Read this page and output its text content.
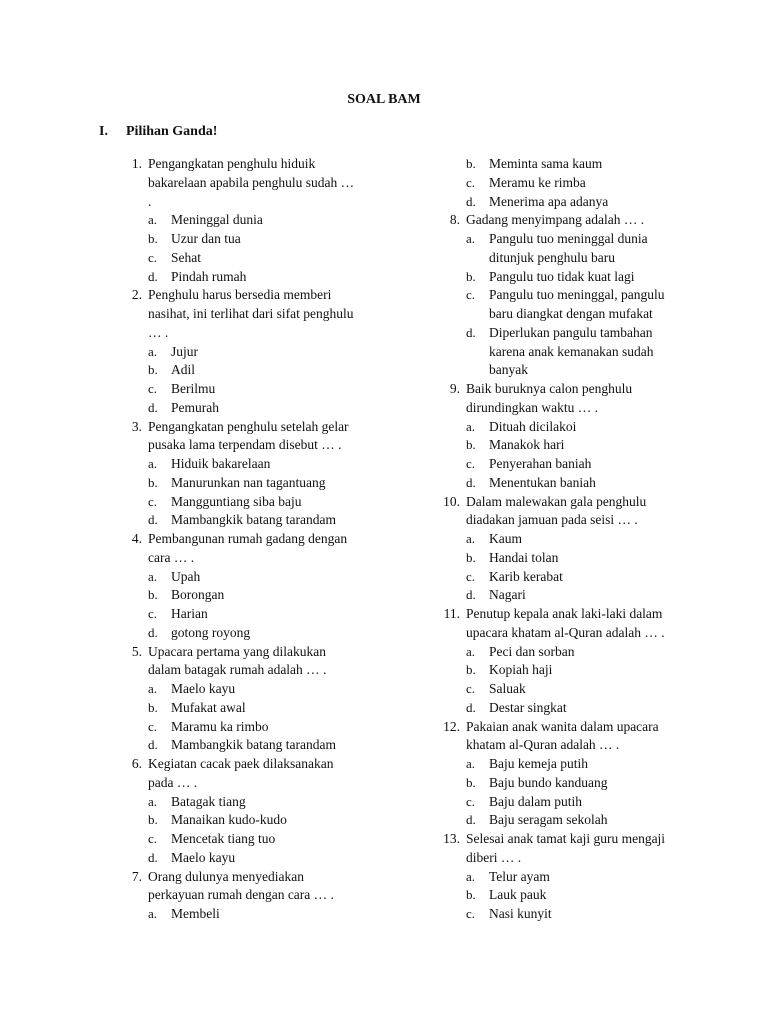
SOAL BAM
I. Pilihan Ganda!
1. Pengangkatan penghulu hiduik
bakarelaan apabila penghulu sudah …
.
a. Meninggal dunia
b. Uzur dan tua
c. Sehat
d. Pindah rumah
2. Penghulu harus bersedia memberi
nasihat, ini terlihat dari sifat penghulu
… .
a. Jujur
b. Adil
c. Berilmu
d. Pemurah
3. Pengangkatan penghulu setelah gelar
pusaka lama terpendam disebut … .
a. Hiduik bakarelaan
b. Manurunkan nan tagantuang
c. Mangguntiang siba baju
d. Mambangkik batang tarandam
4. Pembangunan rumah gadang dengan
cara … .
a. Upah
b. Borongan
c. Harian
d. gotong royong
5. Upacara pertama yang dilakukan
dalam batagak rumah adalah … .
a. Maelo kayu
b. Mufakat awal
c. Maramu ka rimbo
d. Mambangkik batang tarandam
6. Kegiatan cacak paek dilaksanakan
pada … .
a. Batagak tiang
b. Manaikan kudo-kudo
c. Mencetak tiang tuo
d. Maelo kayu
7. Orang dulunya menyediakan
perkayuan rumah dengan cara … .
a. Membeli
b. Meminta sama kaum
c. Meramu ke rimba
d. Menerima apa adanya
8. Gadang menyimpang adalah … .
a. Pangulu tuo meninggal dunia
ditunjuk penghulu baru
b. Pangulu tuo tidak kuat lagi
c. Pangulu tuo meninggal, pangulu
baru diangkat dengan mufakat
d. Diperlukan pangulu tambahan
karena anak kemanakan sudah
banyak
9. Baik buruknya calon penghulu
dirundingkan waktu … .
a. Dituah dicilakoi
b. Manakok hari
c. Penyerahan baniah
d. Menentukan baniah
10. Dalam malewakan gala penghulu
diadakan jamuan pada seisi … .
a. Kaum
b. Handai tolan
c. Karib kerabat
d. Nagari
11. Penutup kepala anak laki-laki dalam
upacara khatam al-Quran adalah … .
a. Peci dan sorban
b. Kopiah haji
c. Saluak
d. Destar singkat
12. Pakaian anak wanita dalam upacara
khatam al-Quran adalah … .
a. Baju kemeja putih
b. Baju bundo kanduang
c. Baju dalam putih
d. Baju seragam sekolah
13. Selesai anak tamat kaji guru mengaji
diberi … .
a. Telur ayam
b. Lauk pauk
c. Nasi kunyit
